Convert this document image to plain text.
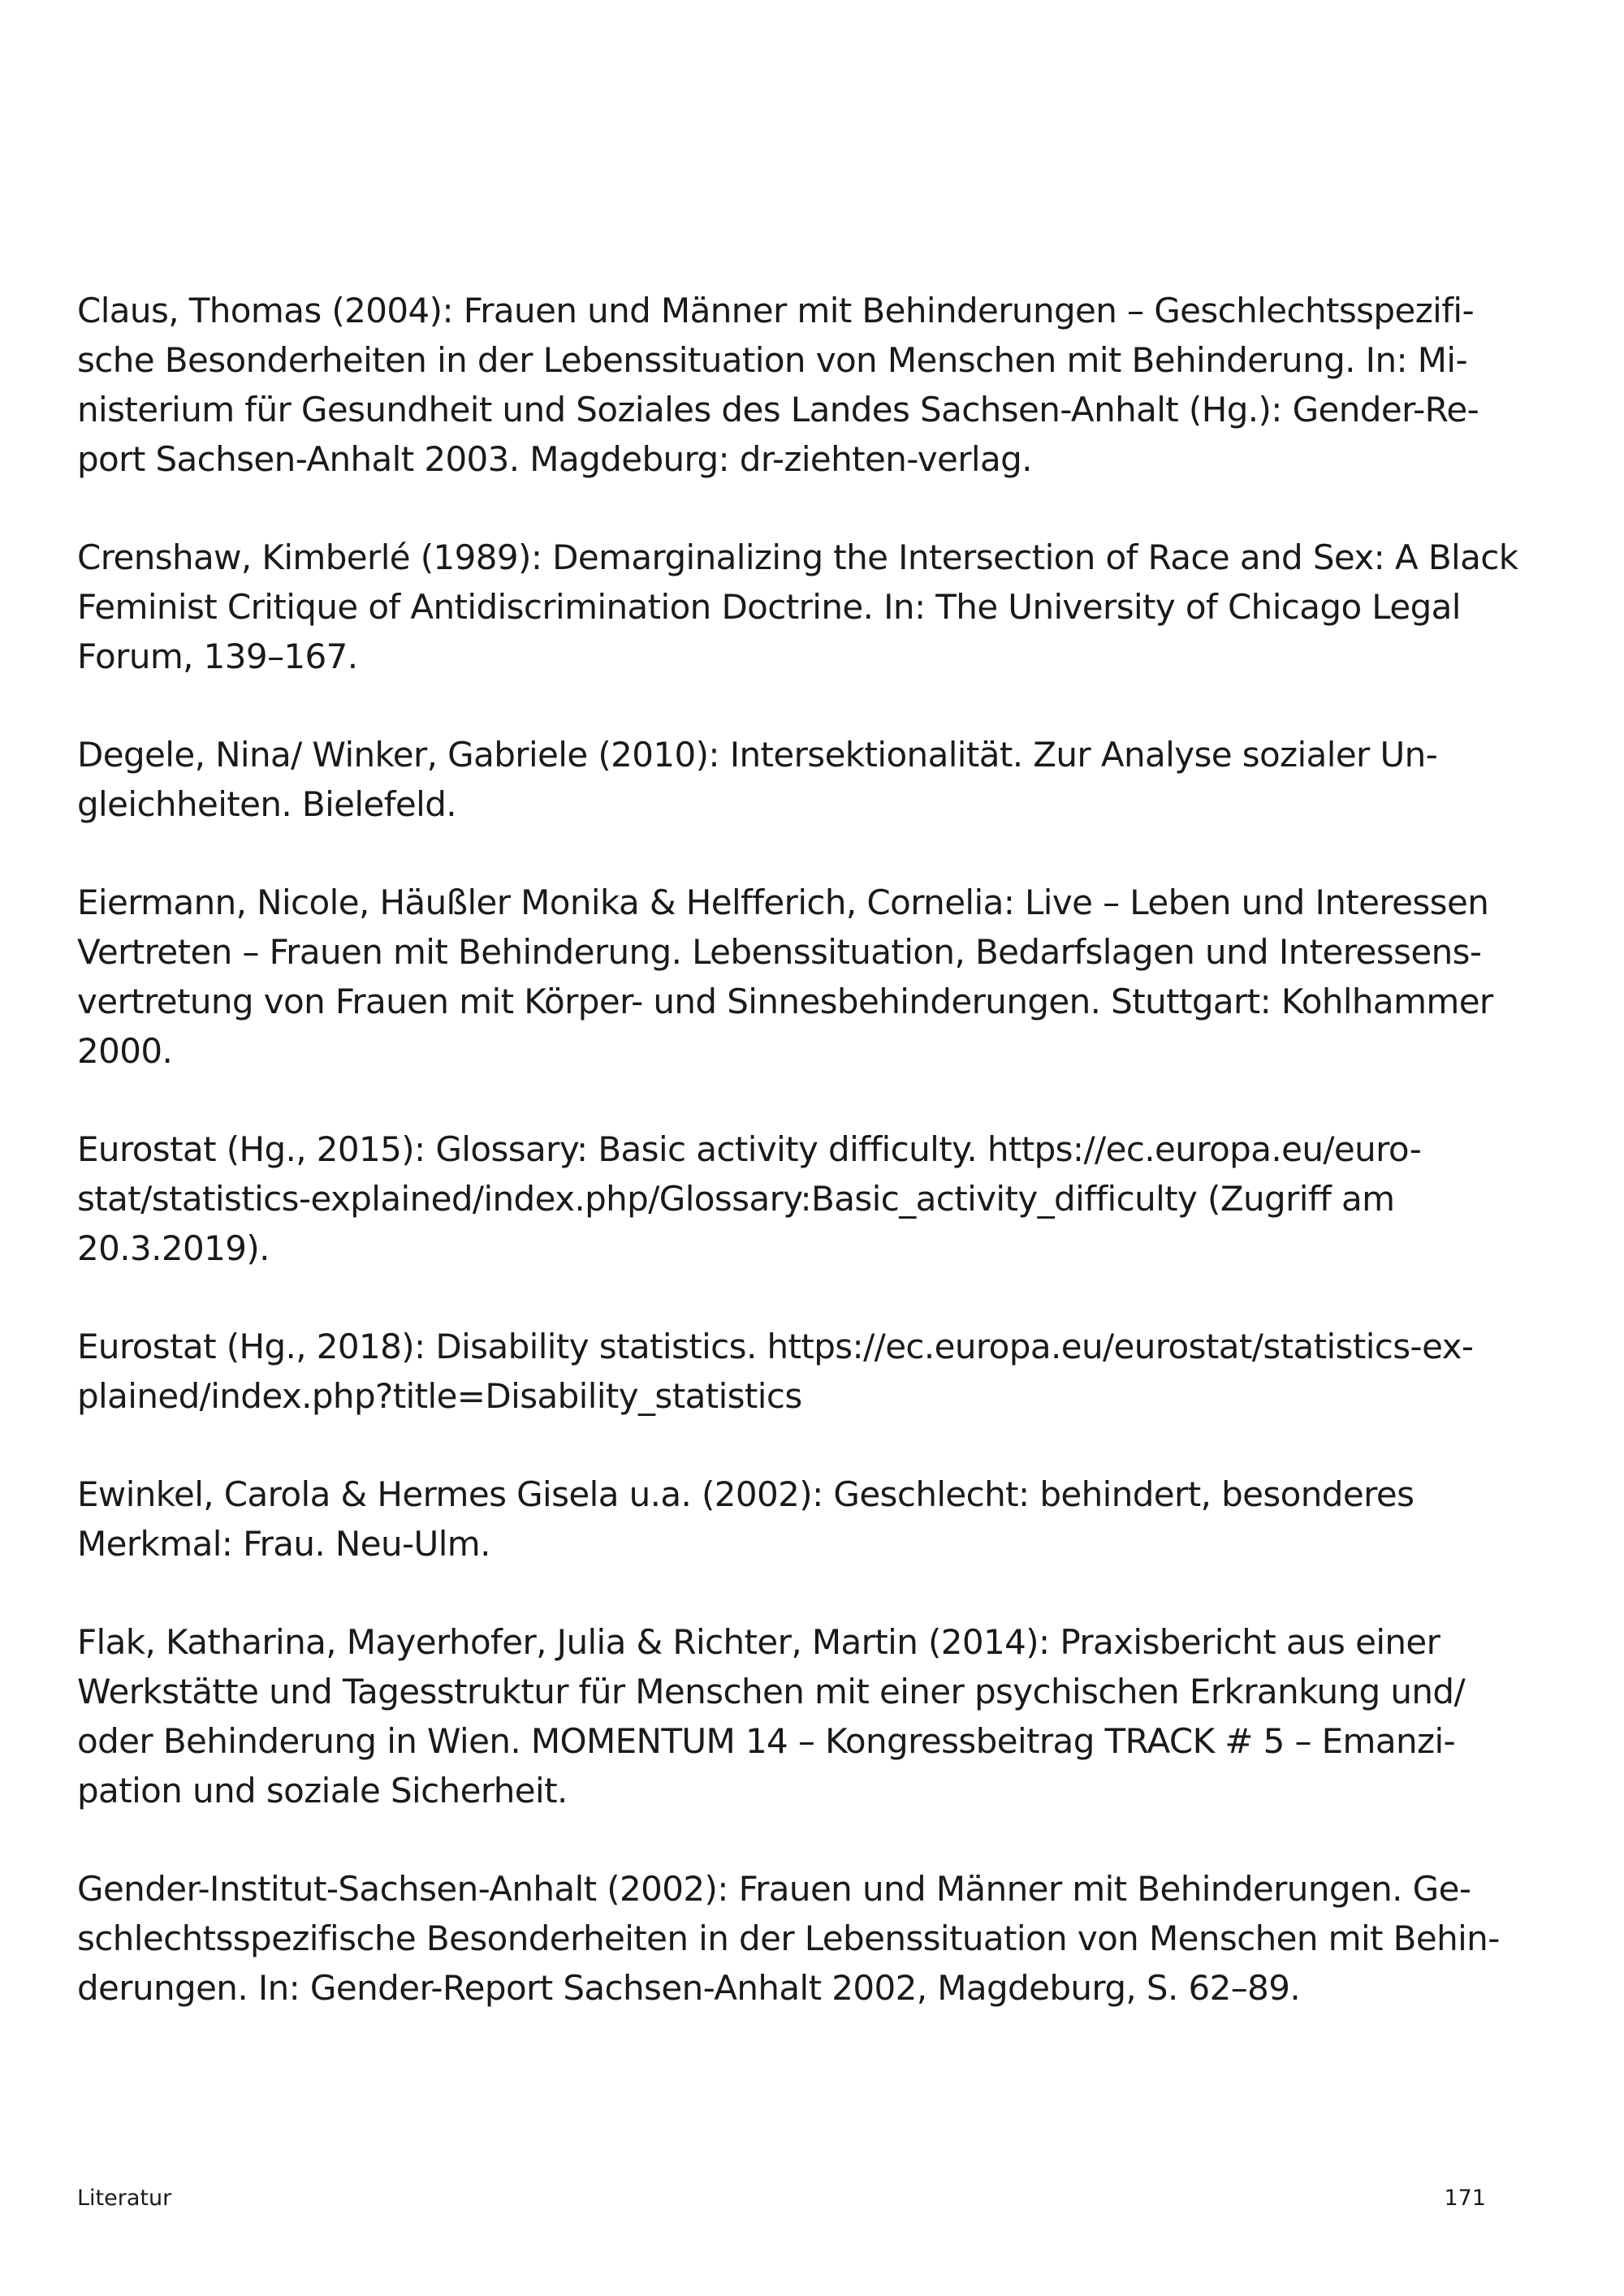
Claus, Thomas (2004): Frauen und Männer mit Behinderungen – Geschlechtsspezifi-
sche Besonderheiten in der Lebenssituation von Menschen mit Behinderung. In: Mi-
nisterium für Gesundheit und Soziales des Landes Sachsen-Anhalt (Hg.): Gender-Re-
port Sachsen-Anhalt 2003. Magdeburg: dr-ziehten-verlag.
Crenshaw, Kimberlé (1989): Demarginalizing the Intersection of Race and Sex: A Black
Feminist Critique of Antidiscrimination Doctrine. In: The University of Chicago Legal
Forum, 139–167.
Degele, Nina/ Winker, Gabriele (2010): Intersektionalität. Zur Analyse sozialer Un-
gleichheiten. Bielefeld.
Eiermann, Nicole, Häußler Monika & Helfferich, Cornelia: Live – Leben und Interessen
Vertreten – Frauen mit Behinderung. Lebenssituation, Bedarfslagen und Interessens-
vertretung von Frauen mit Körper- und Sinnesbehinderungen. Stuttgart: Kohlhammer
2000.
Eurostat (Hg., 2015): Glossary: Basic activity difficulty. https://ec.europa.eu/euro-
stat/statistics-explained/index.php/Glossary:Basic_activity_difficulty (Zugriff am
20.3.2019).
Eurostat (Hg., 2018): Disability statistics. https://ec.europa.eu/eurostat/statistics-ex-
plained/index.php?title=Disability_statistics
Ewinkel, Carola & Hermes Gisela u.a. (2002): Geschlecht: behindert, besonderes
Merkmal: Frau. Neu-Ulm.
Flak, Katharina, Mayerhofer, Julia & Richter, Martin (2014): Praxisbericht aus einer
Werkstätte und Tagesstruktur für Menschen mit einer psychischen Erkrankung und/
oder Behinderung in Wien. MOMENTUM 14 – Kongressbeitrag TRACK # 5 – Emanzi-
pation und soziale Sicherheit.
Gender-Institut-Sachsen-Anhalt (2002): Frauen und Männer mit Behinderungen. Ge-
schlechtsspezifische Besonderheiten in der Lebenssituation von Menschen mit Behin-
derungen. In: Gender-Report Sachsen-Anhalt 2002, Magdeburg, S. 62–89.
Literatur	171
